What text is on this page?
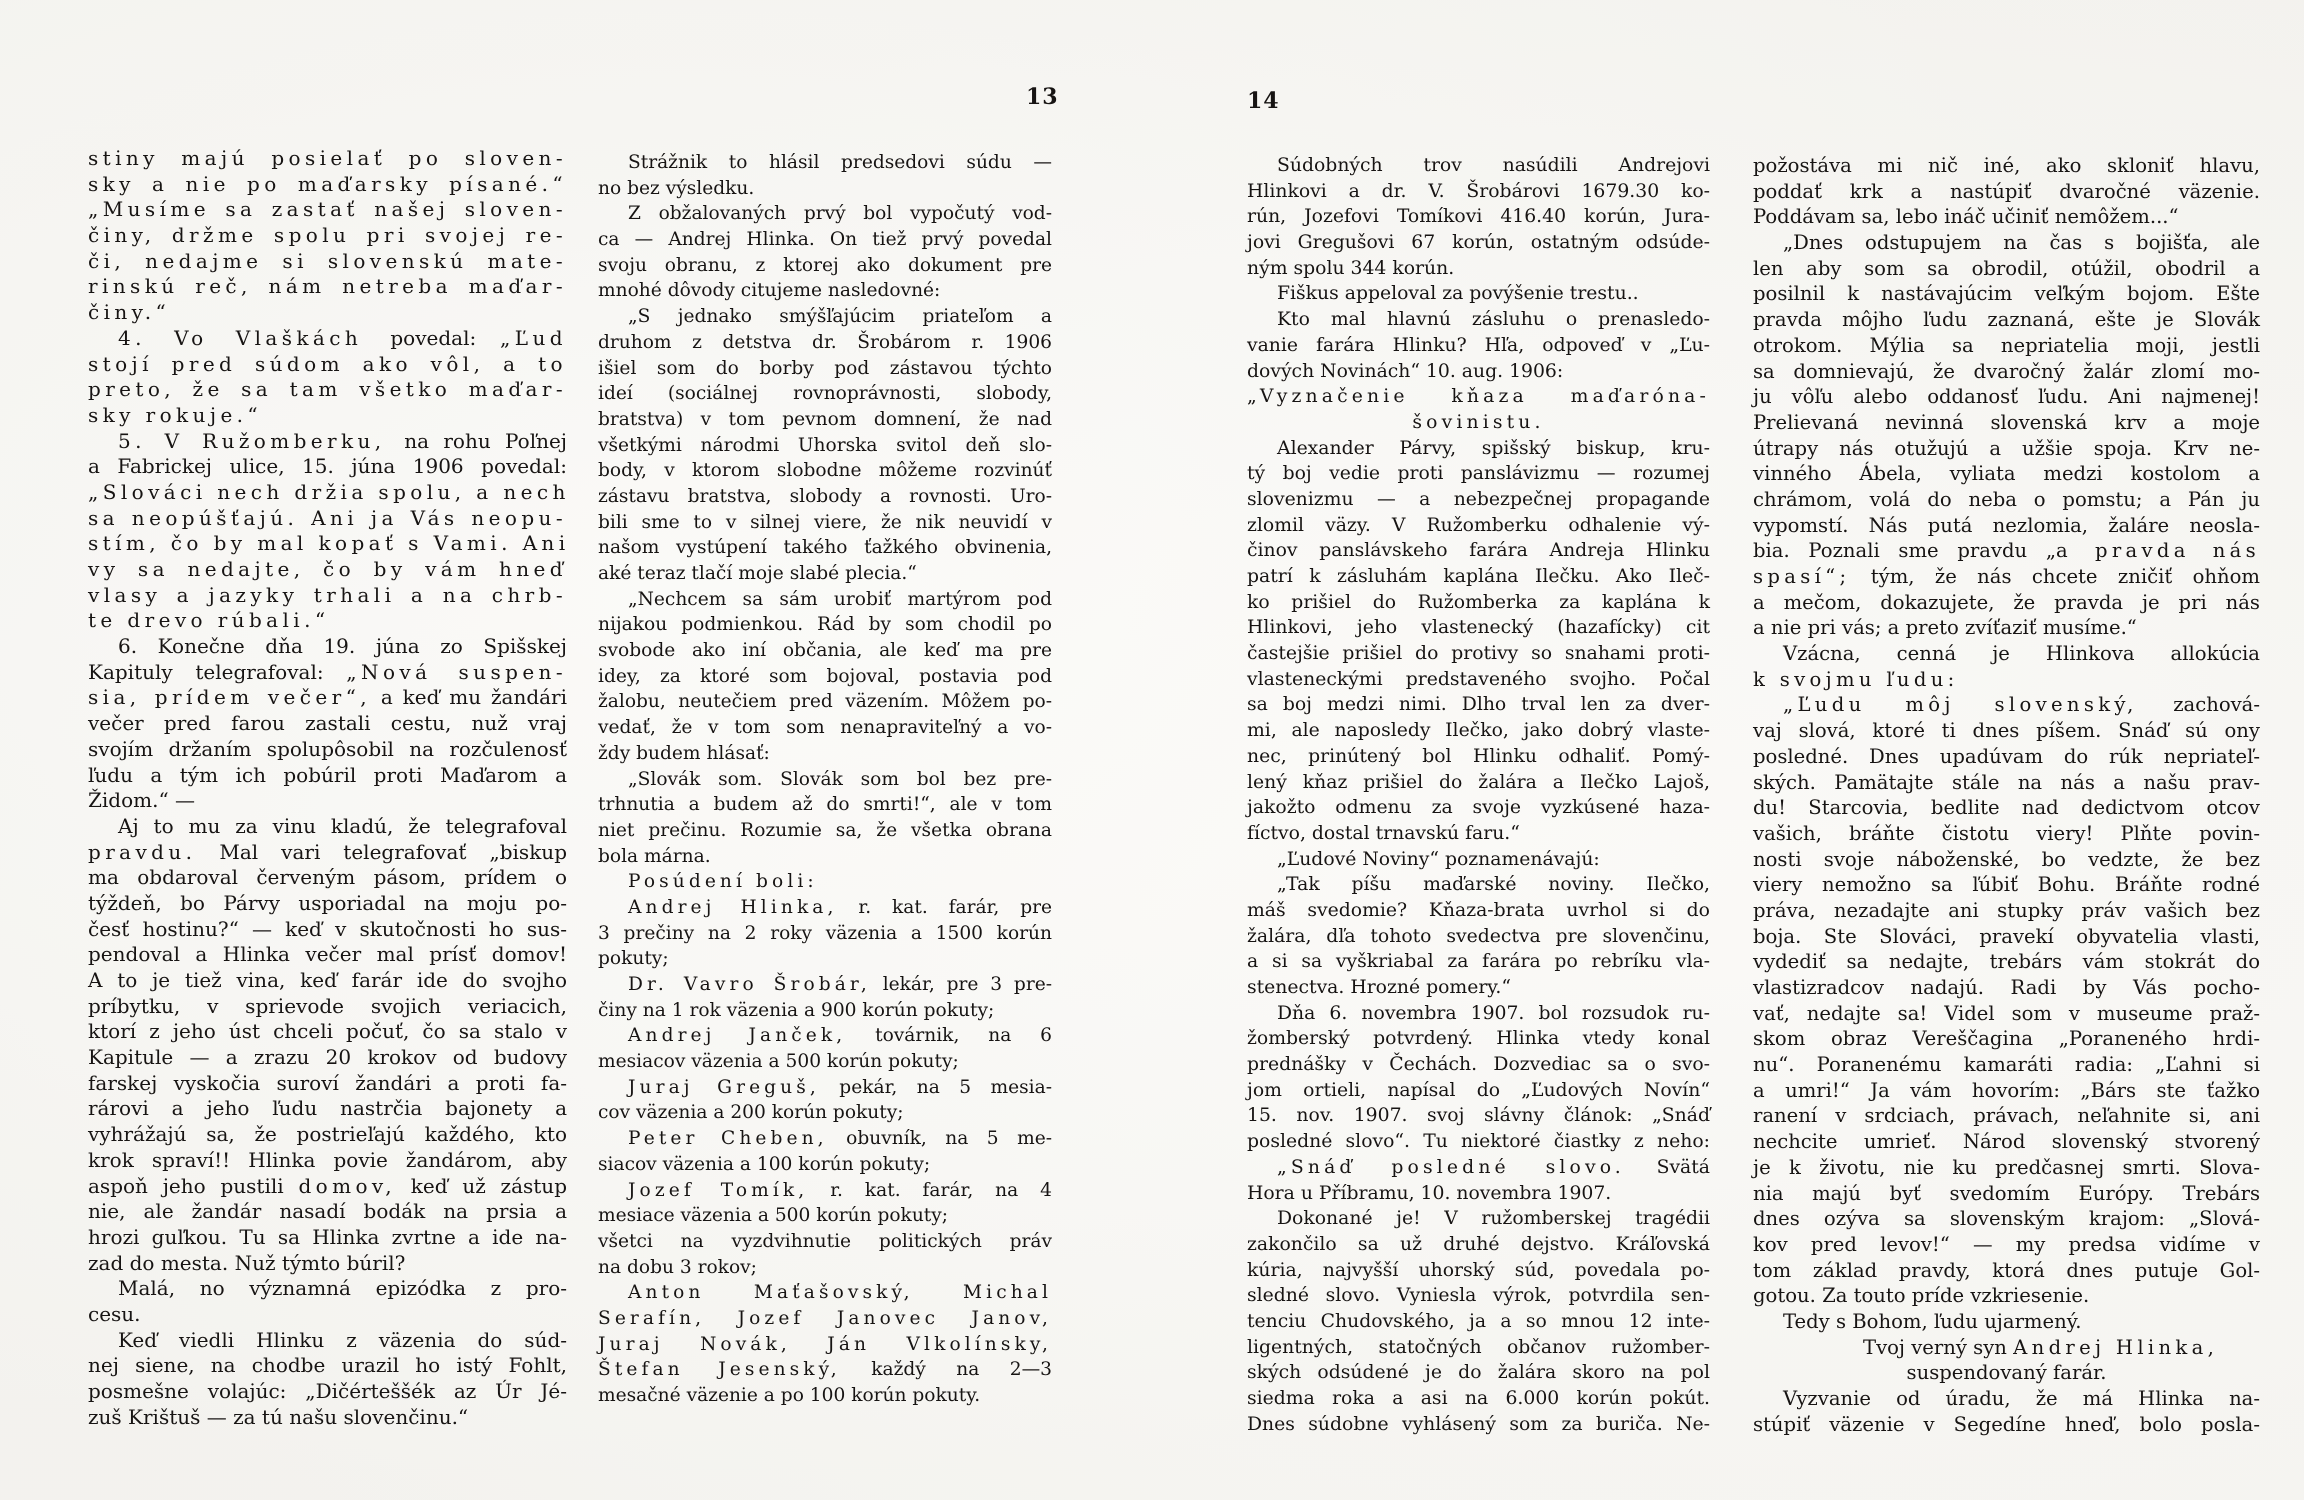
13	14
stiny majú posielať po sloven-
sky a nie po maďarsky písané.“
„Musíme sa zastať našej sloven-
činy, držme spolu pri svojej re-
či, nedajme si slovenskú mate-
rinskú reč, nám netreba maďar-
činy.“
4. Vo Vlaškách povedal: „Ľud
stojí pred súdom ako vôl, a to
preto, že sa tam všetko maďar-
sky rokuje.“
5. V Ružomberku, na rohu Poľnej
a Fabrickej ulice, 15. júna 1906 povedal:
„Slováci nech držia spolu, a nech
sa neopúšťajú. Ani ja Vás neopu-
stím, čo by mal kopať s Vami. Ani
vy sa nedajte, čo by vám hneď
vlasy a jazyky trhali a na chrb-
te drevo rúbali.“
6. Konečne dňa 19. júna zo Spišskej
Kapituly telegrafoval: „Nová suspen-
sia, prídem večer“, a keď mu žandári
večer pred farou zastali cestu, nuž vraj
svojím držaním spolupôsobil na rozčulenosť
ľudu a tým ich pobúril proti Maďarom a
Židom.“ —
Aj to mu za vinu kladú, že telegrafoval
pravdu. Mal vari telegrafovať „biskup
ma obdaroval červeným pásom, prídem o
týždeň, bo Párvy usporiadal na moju po-
česť hostinu?“ — keď v skutočnosti ho sus-
pendoval a Hlinka večer mal prísť domov!
A to je tiež vina, keď farár ide do svojho
príbytku, v sprievode svojich veriacich,
ktorí z jeho úst chceli počuť, čo sa stalo v
Kapitule — a zrazu 20 krokov od budovy
farskej vyskočia suroví žandári a proti fa-
rárovi a jeho ľudu nastrčia bajonety a
vyhrážajú sa, že postrieľajú každého, kto
krok spraví!! Hlinka povie žandárom, aby
aspoň jeho pustili domov, keď už zástup
nie, ale žandár nasadí bodák na prsia a
hrozi guľkou. Tu sa Hlinka zvrtne a ide na-
zad do mesta. Nuž týmto búril?
Malá, no významná epizódka z pro-
cesu.
Keď viedli Hlinku z väzenia do súd-
nej siene, na chodbe urazil ho istý Fohlt,
posmešne volajúc: „Dičérteššék az Úr Jé-
zuš Krištuš — za tú našu slovenčinu.“
Strážnik to hlásil predsedovi súdu —
no bez výsledku.
Z obžalovaných prvý bol vypočutý vod-
ca — Andrej Hlinka. On tiež prvý povedal
svoju obranu, z ktorej ako dokument pre
mnohé dôvody citujeme nasledovné:
„S jednako smýšľajúcim priateľom a
druhom z detstva dr. Šrobárom r. 1906
išiel som do borby pod zástavou týchto
ideí (sociálnej rovnoprávnosti, slobody,
bratstva) v tom pevnom domnení, že nad
všetkými národmi Uhorska svitol deň slo-
body, v ktorom slobodne môžeme rozvinúť
zástavu bratstva, slobody a rovnosti. Uro-
bili sme to v silnej viere, že nik neuvidí v
našom vystúpení takého ťažkého obvinenia,
aké teraz tlačí moje slabé plecia.“
„Nechcem sa sám urobiť martýrom pod
nijakou podmienkou. Rád by som chodil po
svobode ako iní občania, ale keď ma pre
idey, za ktoré som bojoval, postavia pod
žalobu, neutečiem pred väzením. Môžem po-
vedať, že v tom som nenapraviteľný a vo-
ždy budem hlásať:
„Slovák som. Slovák som bol bez pre-
trhnutia a budem až do smrti!“, ale v tom
niet prečinu. Rozumie sa, že všetka obrana
bola márna.
Posúdení boli:
Andrej Hlinka, r. kat. farár, pre
3 prečiny na 2 roky väzenia a 1500 korún
pokuty;
Dr. Vavro Šrobár, lekár, pre 3 pre-
činy na 1 rok väzenia a 900 korún pokuty;
Andrej Janček, továrnik, na 6
mesiacov väzenia a 500 korún pokuty;
Juraj Greguš, pekár, na 5 mesia-
cov väzenia a 200 korún pokuty;
Peter Cheben, obuvník, na 5 me-
siacov väzenia a 100 korún pokuty;
Jozef Tomík, r. kat. farár, na 4
mesiace väzenia a 500 korún pokuty;
všetci na vyzdvihnutie politických práv
na dobu 3 rokov;
Anton Maťašovský, Michal
Serafín, Jozef Janovec Janov,
Juraj Novák, Ján Vlkolínsky,
Štefan Jesenský, každý na 2—3
mesačné väzenie a po 100 korún pokuty.
Súdobných trov nasúdili Andrejovi
Hlinkovi a dr. V. Šrobárovi 1679.30 ko-
rún, Jozefovi Tomíkovi 416.40 korún, Jura-
jovi Gregušovi 67 korún, ostatným odsúde-
ným spolu 344 korún.
Fiškus appeloval za povýšenie trestu..
Kto mal hlavnú zásluhu o prenasledo-
vanie farára Hlinku? Hľa, odpoveď v „Ľu-
dových Novinách“ 10. aug. 1906:
„Vyznačenie kňaza maďaróna-
šovinistu.
Alexander Párvy, spišský biskup, kru-
tý boj vedie proti panslávizmu — rozumej
slovenizmu — a nebezpečnej propagande
zlomil väzy. V Ružomberku odhalenie vý-
činov panslávskeho farára Andreja Hlinku
patrí k zásluhám kaplána Ilečku. Ako Ileč-
ko prišiel do Ružomberka za kaplána k
Hlinkovi, jeho vlastenecký (hazafícky) cit
častejšie prišiel do protivy so snahami proti-
vlasteneckými predstaveného svojho. Počal
sa boj medzi nimi. Dlho trval len za dver-
mi, ale naposledy Ilečko, jako dobrý vlaste-
nec, prinútený bol Hlinku odhaliť. Pomý-
lený kňaz prišiel do žalára a Ilečko Lajoš,
jakožto odmenu za svoje vyzkúsené haza-
fíctvo, dostal trnavskú faru.“
„Ľudové Noviny“ poznamenávajú:
„Tak píšu maďarské noviny. Ilečko,
máš svedomie? Kňaza-brata uvrhol si do
žalára, dľa tohoto svedectva pre slovenčinu,
a si sa vyškriabal za farára po rebríku vla-
stenectva. Hrozné pomery.“
Dňa 6. novembra 1907. bol rozsudok ru-
žomberský potvrdený. Hlinka vtedy konal
prednášky v Čechách. Dozvediac sa o svo-
jom ortieli, napísal do „Ľudových Novín“
15. nov. 1907. svoj slávny článok: „Snáď
posledné slovo“. Tu niektoré čiastky z neho:
„Snáď posledné slovo. Svätá
Hora u Příbramu, 10. novembra 1907.
Dokonané je! V ružomberskej tragédii
zakončilo sa už druhé dejstvo. Kráľovská
kúria, najvyšší uhorský súd, povedala po-
sledné slovo. Vyniesla výrok, potvrdila sen-
tenciu Chudovského, ja a so mnou 12 inte-
ligentných, statočných občanov ružomber-
ských odsúdené je do žalára skoro na pol
siedma roka a asi na 6.000 korún pokút.
Dnes súdobne vyhlásený som za buriča. Ne-
požostáva mi nič iné, ako skloniť hlavu,
poddať krk a nastúpiť dvaročné väzenie.
Poddávam sa, lebo ináč učiniť nemôžem...“
„Dnes odstupujem na čas s bojišťa, ale
len aby som sa obrodil, otúžil, obodril a
posilnil k nastávajúcim veľkým bojom. Ešte
pravda môjho ľudu zaznaná, ešte je Slovák
otrokom. Mýlia sa nepriatelia moji, jestli
sa domnievajú, že dvaročný žalár zlomí mo-
ju vôľu alebo oddanosť ľudu. Ani najmenej!
Prelievaná nevinná slovenská krv a moje
útrapy nás otužujú a užšie spoja. Krv ne-
vinného Ábela, vyliata medzi kostolom a
chrámom, volá do neba o pomstu; a Pán ju
vypomstí. Nás putá nezlomia, žaláre neosla-
bia. Poznali sme pravdu „a pravda nás
spasí“; tým, že nás chcete zničiť ohňom
a mečom, dokazujete, že pravda je pri nás
a nie pri vás; a preto zvíťaziť musíme.“
Vzácna, cenná je Hlinkova allokúcia
k svojmu ľudu:
„Ľudu môj slovenský, zachová-
vaj slová, ktoré ti dnes píšem. Snáď sú ony
posledné. Dnes upadúvam do rúk nepriateľ-
ských. Pamätajte stále na nás a našu prav-
du! Starcovia, bedlite nad dedictvom otcov
vašich, bráňte čistotu viery! Plňte povin-
nosti svoje náboženské, bo vedzte, že bez
viery nemožno sa ľúbiť Bohu. Bráňte rodné
práva, nezadajte ani stupky práv vašich bez
boja. Ste Slováci, pravekí obyvatelia vlasti,
vydediť sa nedajte, trebárs vám stokrát do
vlastizradcov nadajú. Radi by Vás pocho-
vať, nedajte sa! Videl som v museume praž-
skom obraz Vereščagina „Poraneného hrdi-
nu“. Poranenému kamaráti radia: „Ľahni si
a umri!“ Ja vám hovorím: „Bárs ste ťažko
ranení v srdciach, právach, neľahnite si, ani
nechcite umrieť. Národ slovenský stvorený
je k životu, nie ku predčasnej smrti. Slova-
nia majú byť svedomím Európy. Trebárs
dnes ozýva sa slovenským krajom: „Slová-
kov pred levov!“ — my predsa vidíme v
tom základ pravdy, ktorá dnes putuje Gol-
gotou. Za touto príde vzkriesenie.
Tedy s Bohom, ľudu ujarmený.
Tvoj verný syn Andrej Hlinka,
suspendovaný farár.
Vyzvanie od úradu, že má Hlinka na-
stúpiť väzenie v Segedíne hneď, bolo posla-
